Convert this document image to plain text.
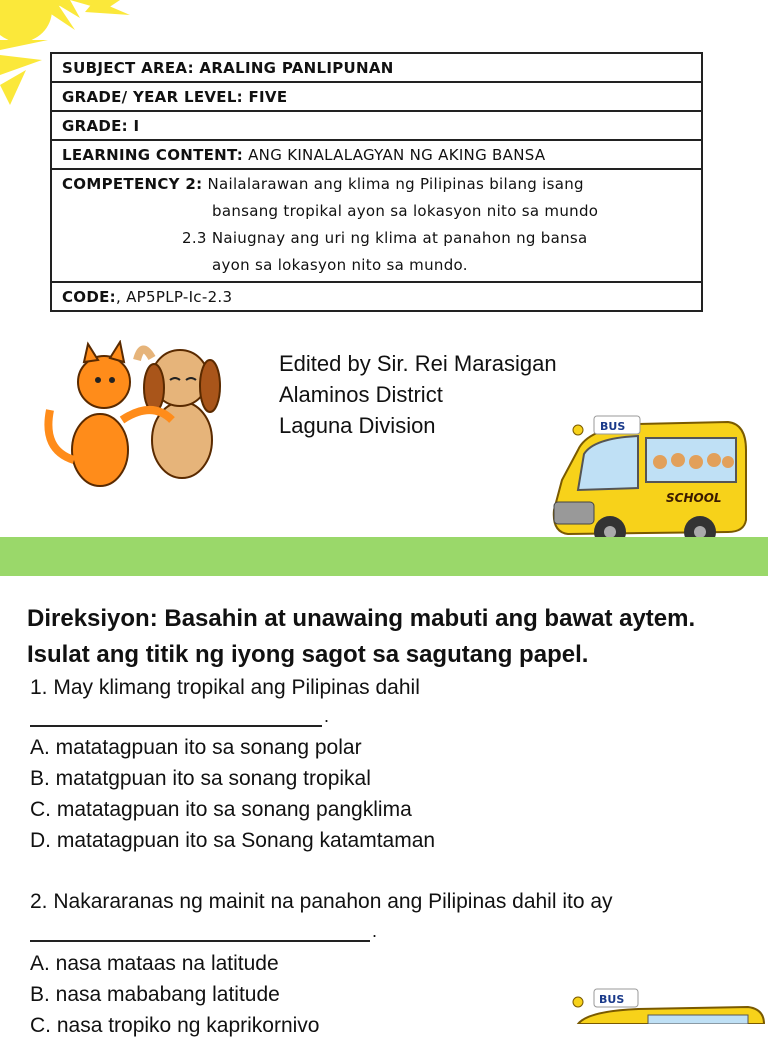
SUBJECT AREA: ARALING PANLIPUNAN
GRADE/ YEAR LEVEL: FIVE
GRADE: I
LEARNING CONTENT: ANG KINALALAGYAN NG AKING BANSA
COMPETENCY 2: Nailalarawan ang klima ng Pilipinas bilang isang
bansang tropikal ayon sa lokasyon nito sa mundo
2.3 Naiugnay ang uri ng klima at panahon ng bansa
ayon sa lokasyon nito sa mundo.
CODE:, AP5PLP-Ic-2.3
Edited by Sir. Rei Marasigan
Alaminos District
Laguna Division	BUS
SCHOOL
Direksiyon: Basahin at unawaing mabuti ang bawat aytem. Isulat ang titik ng iyong sagot sa sagutang papel.
1. May klimang tropikal ang Pilipinas dahil
.
A. matatagpuan ito sa sonang polar
B. matatgpuan ito sa sonang tropikal
C. matatagpuan ito sa sonang pangklima
D. matatagpuan ito sa Sonang katamtaman
2. Nakararanas ng mainit na panahon ang Pilipinas dahil ito ay
.
A. nasa mataas na latitude
B. nasa mababang latitude
C. nasa tropiko ng kaprikornivo
BUS
